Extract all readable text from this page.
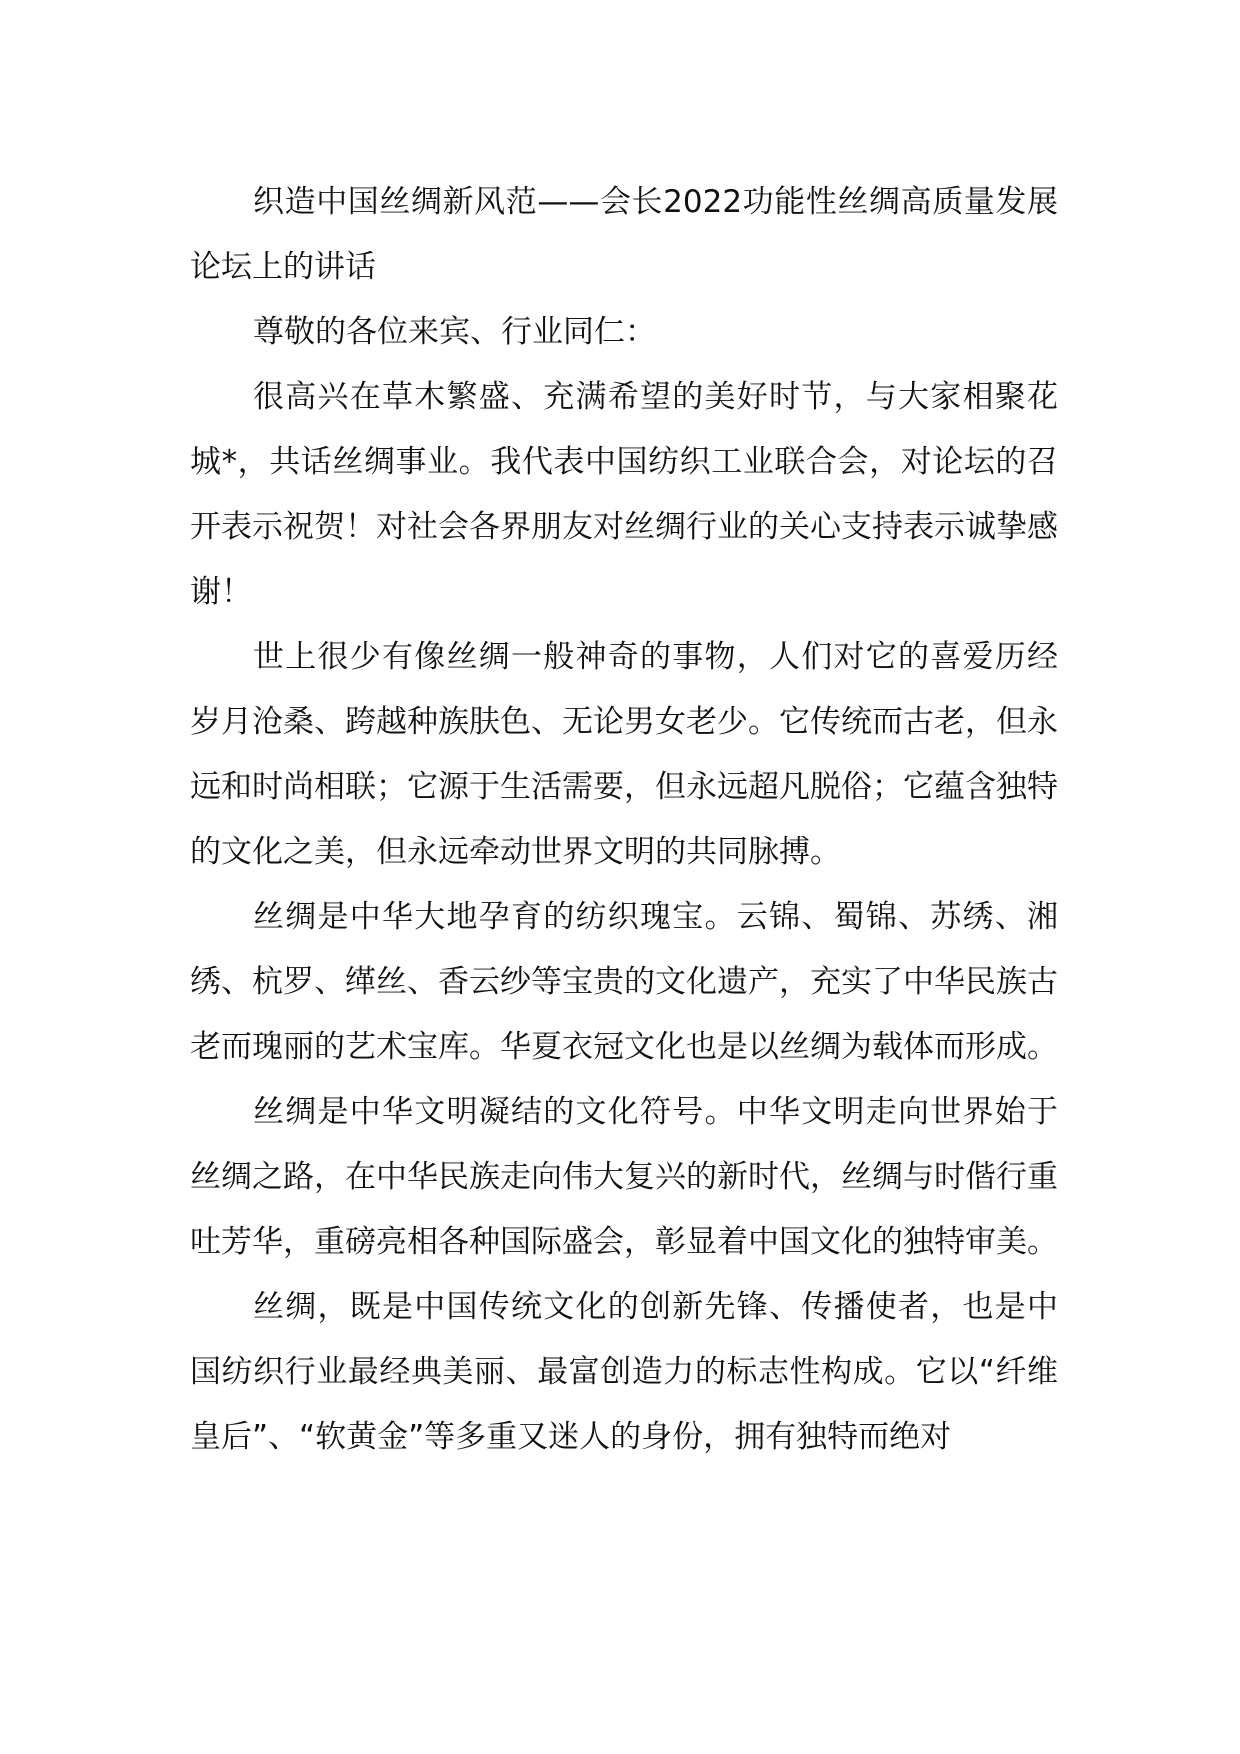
织造中国丝绸新风范——会长2022功能性丝绸高质量发展论坛上的讲话

尊敬的各位来宾、行业同仁：

很高兴在草木繁盛、充满希望的美好时节，与大家相聚花城*，共话丝绸事业。我代表中国纺织工业联合会，对论坛的召开表示祝贺！对社会各界朋友对丝绸行业的关心支持表示诚挚感谢！

世上很少有像丝绸一般神奇的事物，人们对它的喜爱历经岁月沧桑、跨越种族肤色、无论男女老少。它传统而古老，但永远和时尚相联；它源于生活需要，但永远超凡脱俗；它蕴含独特的文化之美，但永远牵动世界文明的共同脉搏。

丝绸是中华大地孕育的纺织瑰宝。云锦、蜀锦、苏绣、湘绣、杭罗、缂丝、香云纱等宝贵的文化遗产，充实了中华民族古老而瑰丽的艺术宝库。华夏衣冠文化也是以丝绸为载体而形成。

丝绸是中华文明凝结的文化符号。中华文明走向世界始于丝绸之路，在中华民族走向伟大复兴的新时代，丝绸与时偕行重吐芳华，重磅亮相各种国际盛会，彰显着中国文化的独特审美。

丝绸，既是中国传统文化的创新先锋、传播使者，也是中国纺织行业最经典美丽、最富创造力的标志性构成。它以“纤维皇后”、“软黄金”等多重又迷人的身份，拥有独特而绝对
